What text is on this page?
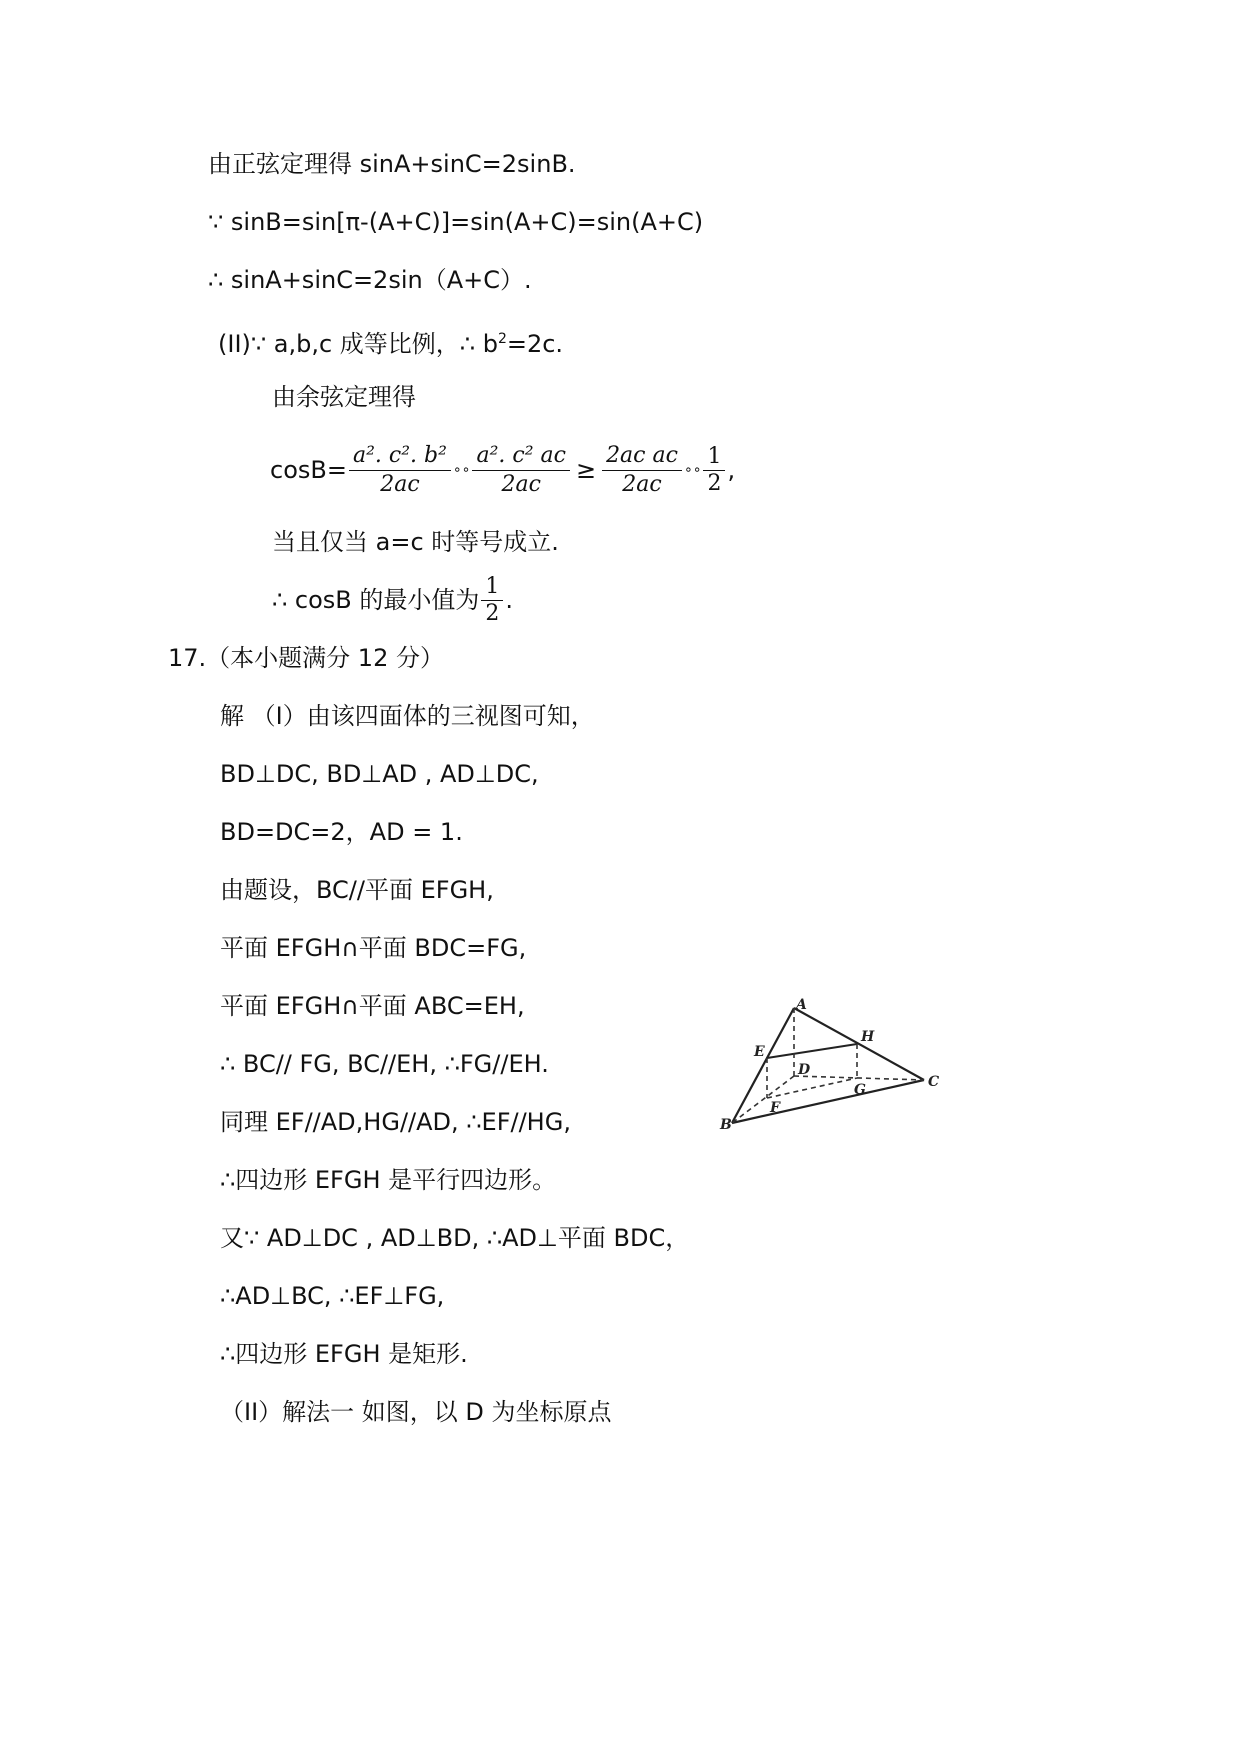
由正弦定理得 sinA+sinC=2sinB.
∵ sinB=sin[π-(A+C)]=sin(A+C)=sin(A+C)
∴ sinA+sinC=2sin（A+C）.
(II)∵ a,b,c 成等比例，∴ $b^2=2c$.
由余弦定理得
$\cos B= \frac{\text{a². c². b²}}{2ac}$ ∘∘ $\frac{\text{a². c² ac}}{2ac} \ge \frac{\text{2ac ac}}{2ac}$ ∘∘ $\frac{1}{2}$ ,
当且仅当 a=c 时等号成立.
∴ cosB 的最小值为 $\frac{1}{2}$ .
17.（本小题满分 12 分）
解 （I）由该四面体的三视图可知，
BD⊥DC, BD⊥AD , AD⊥DC,
BD=DC=2，AD = 1.
由题设，BC//平面 EFGH,
平面 EFGH∩平面 BDC=FG,
平面 EFGH∩平面 ABC=EH,
∴ BC// FG, BC//EH, ∴FG//EH.
同理 EF//AD,HG//AD, ∴EF//HG,
∴四边形 EFGH 是平行四边形。
又∵ AD⊥DC , AD⊥BD, ∴AD⊥平面 BDC，
∴AD⊥BC, ∴EF⊥FG,
∴四边形 EFGH 是矩形.
（II）解法一 如图，以 D 为坐标原点
A
E
H
D
G	C
B
F
